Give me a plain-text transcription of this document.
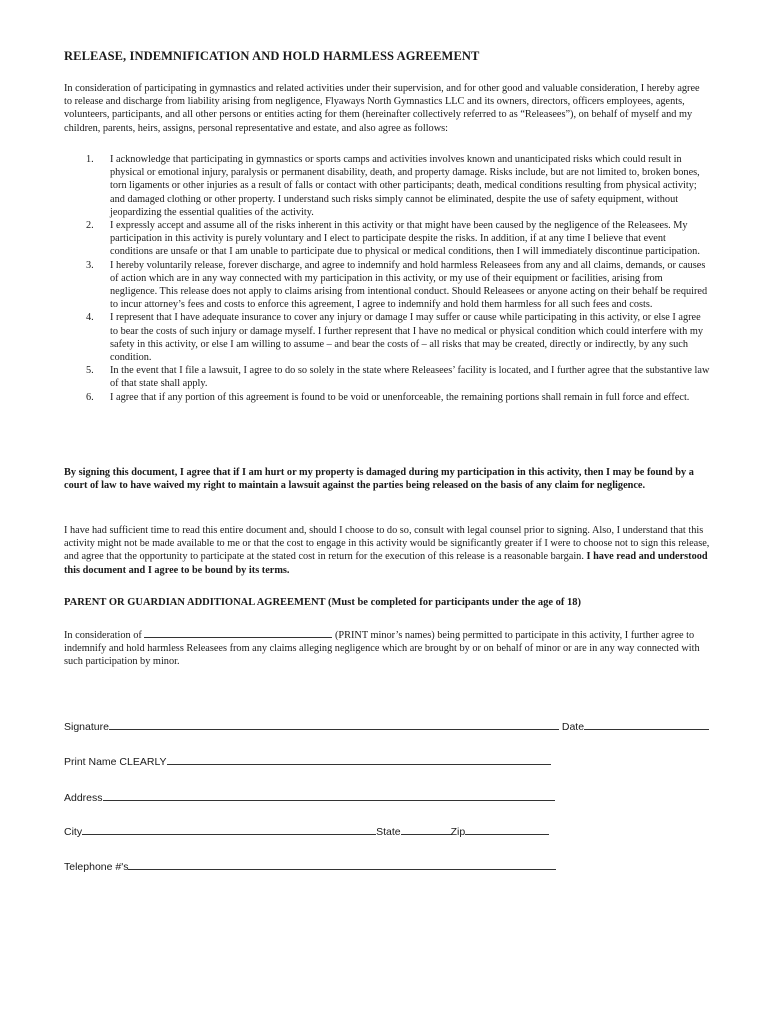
RELEASE, INDEMNIFICATION AND HOLD HARMLESS AGREEMENT
In consideration of participating in gymnastics and related activities under their supervision, and for other good and valuable consideration, I hereby agree to release and discharge from liability arising from negligence, Flyaways North Gymnastics LLC and its owners, directors, officers employees, agents, volunteers, participants, and all other persons or entities acting for them (hereinafter collectively referred to as “Releasees”), on behalf of myself and my children, parents, heirs, assigns, personal representative and estate, and also agree as follows:
1. I acknowledge that participating in gymnastics or sports camps and activities involves known and unanticipated risks which could result in physical or emotional injury, paralysis or permanent disability, death, and property damage. Risks include, but are not limited to, broken bones, torn ligaments or other injuries as a result of falls or contact with other participants; death, medical conditions resulting from physical activity; and damaged clothing or other property. I understand such risks simply cannot be eliminated, despite the use of safety equipment, without jeopardizing the essential qualities of the activity.
2. I expressly accept and assume all of the risks inherent in this activity or that might have been caused by the negligence of the Releasees. My participation in this activity is purely voluntary and I elect to participate despite the risks. In addition, if at any time I believe that event conditions are unsafe or that I am unable to participate due to physical or medical conditions, then I will immediately discontinue participation.
3. I hereby voluntarily release, forever discharge, and agree to indemnify and hold harmless Releasees from any and all claims, demands, or causes of action which are in any way connected with my participation in this activity, or my use of their equipment or facilities, arising from negligence. This release does not apply to claims arising from intentional conduct. Should Releasees or anyone acting on their behalf be required to incur attorney’s fees and costs to enforce this agreement, I agree to indemnify and hold them harmless for all such fees and costs.
4. I represent that I have adequate insurance to cover any injury or damage I may suffer or cause while participating in this activity, or else I agree to bear the costs of such injury or damage myself. I further represent that I have no medical or physical condition which could interfere with my safety in this activity, or else I am willing to assume – and bear the costs of – all risks that may be created, directly or indirectly, by any such condition.
5. In the event that I file a lawsuit, I agree to do so solely in the state where Releasees’ facility is located, and I further agree that the substantive law of that state shall apply.
6. I agree that if any portion of this agreement is found to be void or unenforceable, the remaining portions shall remain in full force and effect.
By signing this document, I agree that if I am hurt or my property is damaged during my participation in this activity, then I may be found by a court of law to have waived my right to maintain a lawsuit against the parties being released on the basis of any claim for negligence.
I have had sufficient time to read this entire document and, should I choose to do so, consult with legal counsel prior to signing. Also, I understand that this activity might not be made available to me or that the cost to engage in this activity would be significantly greater if I were to choose not to sign this release, and agree that the opportunity to participate at the stated cost in return for the execution of this release is a reasonable bargain. I have read and understood this document and I agree to be bound by its terms.
PARENT OR GUARDIAN ADDITIONAL AGREEMENT (Must be completed for participants under the age of 18)
In consideration of	(PRINT minor’s names) being permitted to participate in this activity, I further agree to indemnify and hold harmless Releasees from any claims alleging negligence which are brought by or on behalf of minor or are in any way connected with such participation by minor.
Signature	Date
Print Name CLEARLY
Address
City	State	Zip
Telephone #'s
